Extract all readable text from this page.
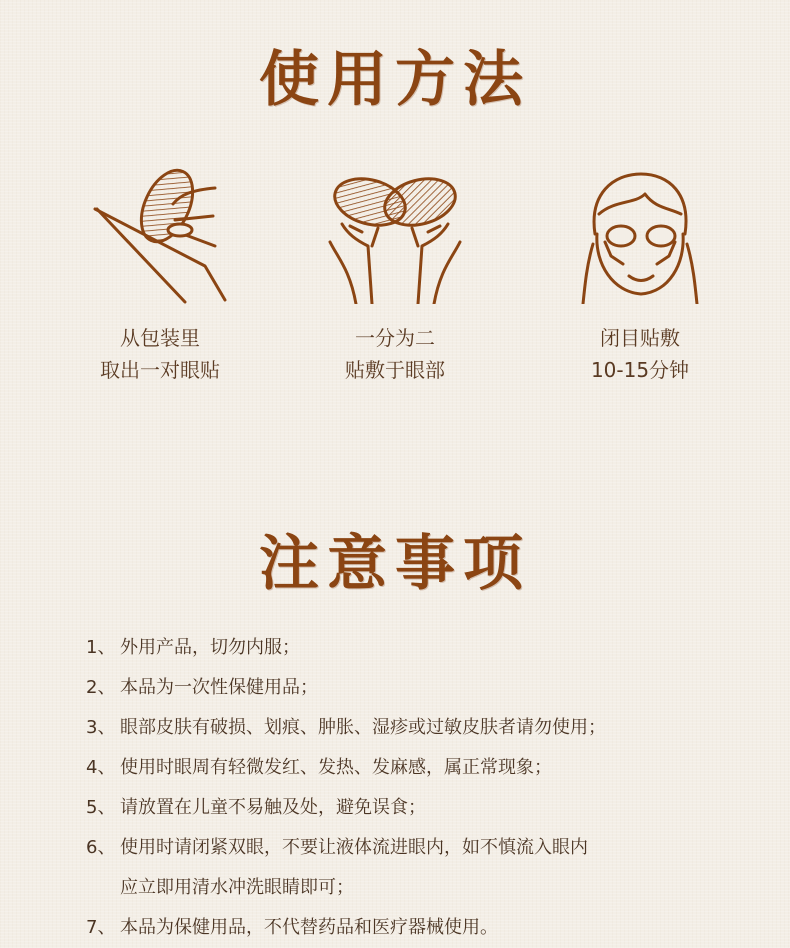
使用方法
从包装里
取出一对眼贴
一分为二
贴敷于眼部
闭目贴敷
10-15分钟
注意事项
1、 外用产品，切勿内服；
2、 本品为一次性保健用品；
3、 眼部皮肤有破损、划痕、肿胀、湿疹或过敏皮肤者请勿使用；
4、 使用时眼周有轻微发红、发热、发麻感，属正常现象；
5、 请放置在儿童不易触及处，避免误食；
6、 使用时请闭紧双眼，不要让液体流进眼内，如不慎流入眼内
应立即用清水冲洗眼睛即可；
7、 本品为保健用品，不代替药品和医疗器械使用。
